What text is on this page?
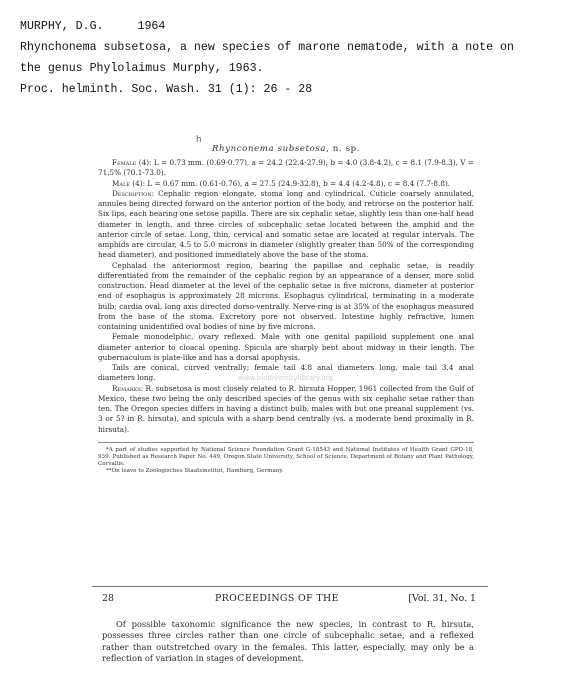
MURPHY, D.G.	1964
Rhynchonema subsetosa, a new species of marone nematode, with a note on
the genus Phylolaimus Murphy, 1963.
Proc. helminth. Soc. Wash. 31 (1): 26 - 28
h
Rhynconema subsetosa, n. sp.

Female (4): L = 0.73 mm. (0.69-0.77), a = 24.2 (22.4-27.9), b = 4.0 (3.8-4.2), c = 8.1 (7.9-8.3), V = 71.5% (70.1-73.0).

Male (4): L = 0.67 mm. (0.61-0.76), a = 27.5 (24.9-32.8), b = 4.4 (4.2-4.8), c = 8.4 (7.7-8.8).

Description: Cephalic region elongate, stoma long and cylindrical. Cuticle coarsely annulated, annules being directed forward on the anterior portion of the body, and retrorse on the posterior half. Six lips, each bearing one setose papilla. There are six cephalic setae, slightly less than one-half head diameter in length, and three circles of subcephalic setae located between the amphid and the anterior circle of setae. Long, thin, cervical and somatic setae are located at regular intervals. The amphids are circular, 4.5 to 5.0 microns in diameter (slightly greater than 50% of the corresponding head diameter), and positioned immediately above the base of the stoma.

Cephalad the anteriormost region, bearing the papillae and cephalic setae, is readily differentiated from the remainder of the cephalic region by an appearance of a denser, more solid construction. Head diameter at the level of the cephalic setae is five microns, diameter at posterior end of esophagus is approximately 28 microns. Esophagus cylindrical, terminating in a moderate bulb; cardia oval, long axis directed dorso-ventrally. Nerve-ring is at 35% of the esophagus measured from the base of the stoma. Excretory pore not observed. Intestine highly refractive, lumen containing unidentified oval bodies of nine by five microns.

Female monodelphic, ovary reflexed. Male with one genital papilloid supplement one anal diameter anterior to cloacal opening. Spicula are sharply bent about midway in their length. The gubernaculum is plate-like and has a dorsal apophysis.

Tails are conical, curved ventrally; female tail 4.8 anal diameters long, male tail 3.4 anal diameters long.

Remarks: R. subsetosa is most closely related to R. hirsuta Hopper, 1961 collected from the Gulf of Mexico, these two being the only described species of the genus with six cephalic setae rather than ten. The Oregon species differs in having a distinct bulb, males with but one preanal supplement (vs. 3 or 5? in R. hirsuta), and spicula with a sharp bend centrally (vs. a moderate bend proximally in R. hirsuta).

*A part of studies supported by National Science Foundation Grant G-18543 and National Institutes of Health Grant GPD-18, 939. Published as Research Paper No. 449, Oregon State University, School of Science, Department of Botany and Plant Pathology, Corvallis.

**On leave to Zoologisches Staatsinstitut, Hamburg, Germany.

www.biodiversitylibrary.org
28	PROCEEDINGS OF THE	[Vol. 31, No. 1

Of possible taxonomic significance the new species, in contrast to R. hirsuta, possesses three circles rather than one circle of subcephalic setae, and a reflexed rather than outstretched ovary in the females. This latter, especially, may only be a reflection of variation in stages of development.
